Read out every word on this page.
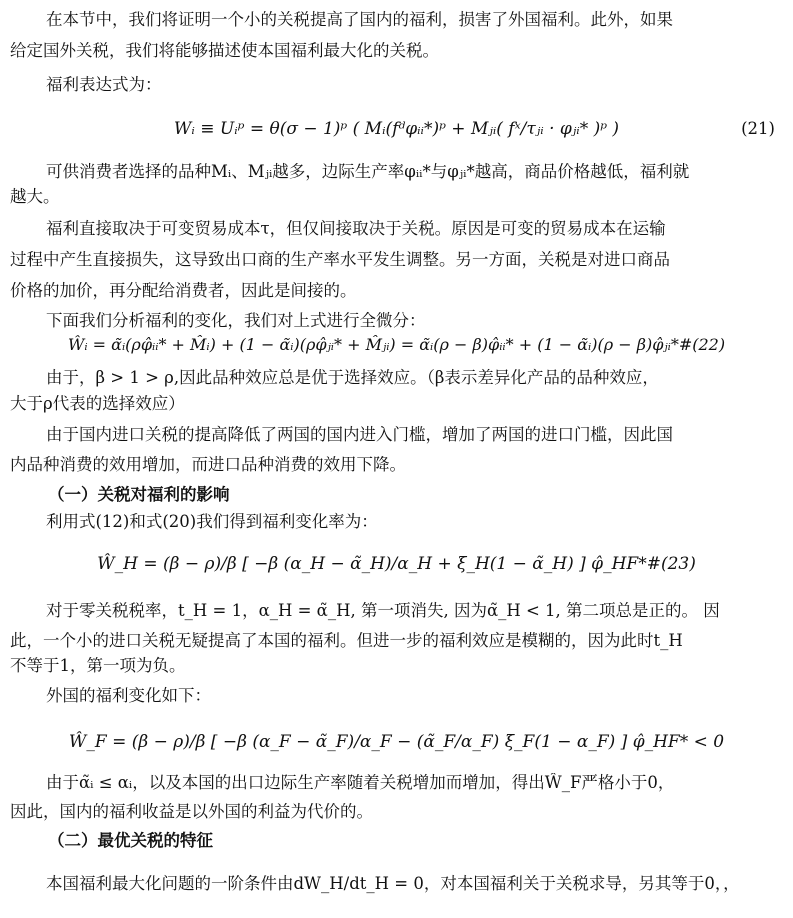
在本节中，我们将证明一个小的关税提高了国内的福利，损害了外国福利。此外，如果
给定国外关税，我们将能够描述使本国福利最大化的关税。
福利表达式为：
Wᵢ ≡ Uᵢᵖ = θ(σ − 1)ᵖ ( Mᵢ(fᵈφᵢᵢ*)ᵖ + Mⱼᵢ( fˣ/τⱼᵢ · φⱼᵢ* )ᵖ )	(21)
可供消费者选择的品种Mᵢ、Mⱼᵢ越多，边际生产率φᵢᵢ*与φⱼᵢ*越高，商品价格越低，福利就
越大。
福利直接取决于可变贸易成本τ，但仅间接取决于关税。原因是可变的贸易成本在运输
过程中产生直接损失，这导致出口商的生产率水平发生调整。另一方面，关税是对进口商品
价格的加价，再分配给消费者，因此是间接的。
下面我们分析福利的变化，我们对上式进行全微分：
Ŵᵢ = α̃ᵢ(ρφ̂ᵢᵢ* + M̂ᵢ) + (1 − α̃ᵢ)(ρφ̂ⱼᵢ* + M̂ⱼᵢ) = α̃ᵢ(ρ − β)φ̂ᵢᵢ* + (1 − α̃ᵢ)(ρ − β)φ̂ⱼᵢ*#(22)
由于，β > 1 > ρ,因此品种效应总是优于选择效应。（β表示差异化产品的品种效应，
大于ρ代表的选择效应）
由于国内进口关税的提高降低了两国的国内进入门槛，增加了两国的进口门槛，因此国
内品种消费的效用增加，而进口品种消费的效用下降。
（一）关税对福利的影响
利用式(12)和式(20)我们得到福利变化率为：
Ŵ_H = (β − ρ)/β [ −β (α_H − α̃_H)/α_H + ξ_H(1 − α̃_H) ] φ̂_HF*#(23)
对于零关税税率，t_H = 1，α_H = α̃_H, 第一项消失, 因为α̃_H < 1, 第二项总是正的。 因
此，一个小的进口关税无疑提高了本国的福利。但进一步的福利效应是模糊的，因为此时t_H
不等于1，第一项为负。
外国的福利变化如下：
Ŵ_F = (β − ρ)/β [ −β (α_F − α̃_F)/α_F − (α̃_F/α_F) ξ_F(1 − α_F) ] φ̂_HF* < 0
由于α̃ᵢ ≤ αᵢ，以及本国的出口边际生产率随着关税增加而增加，得出Ŵ_F严格小于0，
因此，国内的福利收益是以外国的利益为代价的。
（二）最优关税的特征
本国福利最大化问题的一阶条件由dW_H/dt_H = 0，对本国福利关于关税求导，另其等于0，，
